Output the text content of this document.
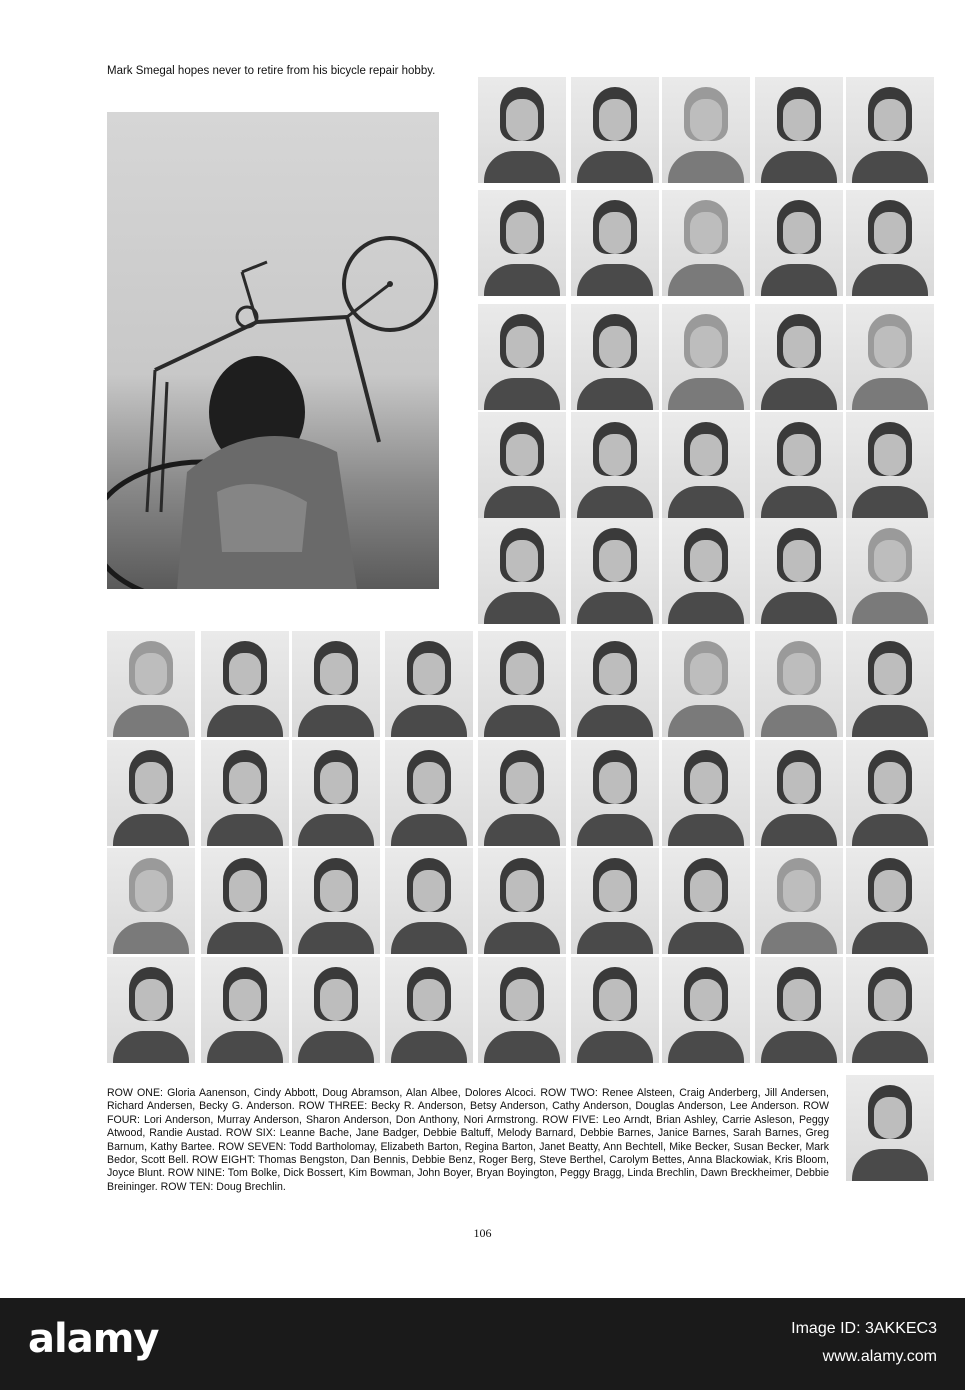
Mark Smegal hopes never to retire from his bicycle repair hobby.

ROW ONE: Gloria Aanenson, Cindy Abbott, Doug Abramson, Alan Albee, Dolores Alcoci. ROW TWO: Renee Alsteen, Craig Anderberg, Jill Andersen, Richard Andersen, Becky G. Anderson. ROW THREE: Becky R. Anderson, Betsy Anderson, Cathy Anderson, Douglas Anderson, Lee Anderson. ROW FOUR: Lori Anderson, Murray Anderson, Sharon Anderson, Don Anthony, Nori Armstrong. ROW FIVE: Leo Arndt, Brian Ashley, Carrie Asleson, Peggy Atwood, Randie Austad. ROW SIX: Leanne Bache, Jane Badger, Debbie Baltuff, Melody Barnard, Debbie Barnes, Janice Barnes, Sarah Barnes, Greg Barnum, Kathy Bartee. ROW SEVEN: Todd Bartholomay, Elizabeth Barton, Regina Barton, Janet Beatty, Ann Bechtell, Mike Becker, Susan Becker, Mark Bedor, Scott Bell. ROW EIGHT: Thomas Bengston, Dan Bennis, Debbie Benz, Roger Berg, Steve Berthel, Carolym Bettes, Anna Blackowiak, Kris Bloom, Joyce Blunt. ROW NINE: Tom Bolke, Dick Bossert, Kim Bowman, John Boyer, Bryan Boyington, Peggy Bragg, Linda Brechlin, Dawn Breckheimer, Debbie Breininger. ROW TEN: Doug Brechlin.

106
alamy	Image ID: 3AKKEC3
www.alamy.com
